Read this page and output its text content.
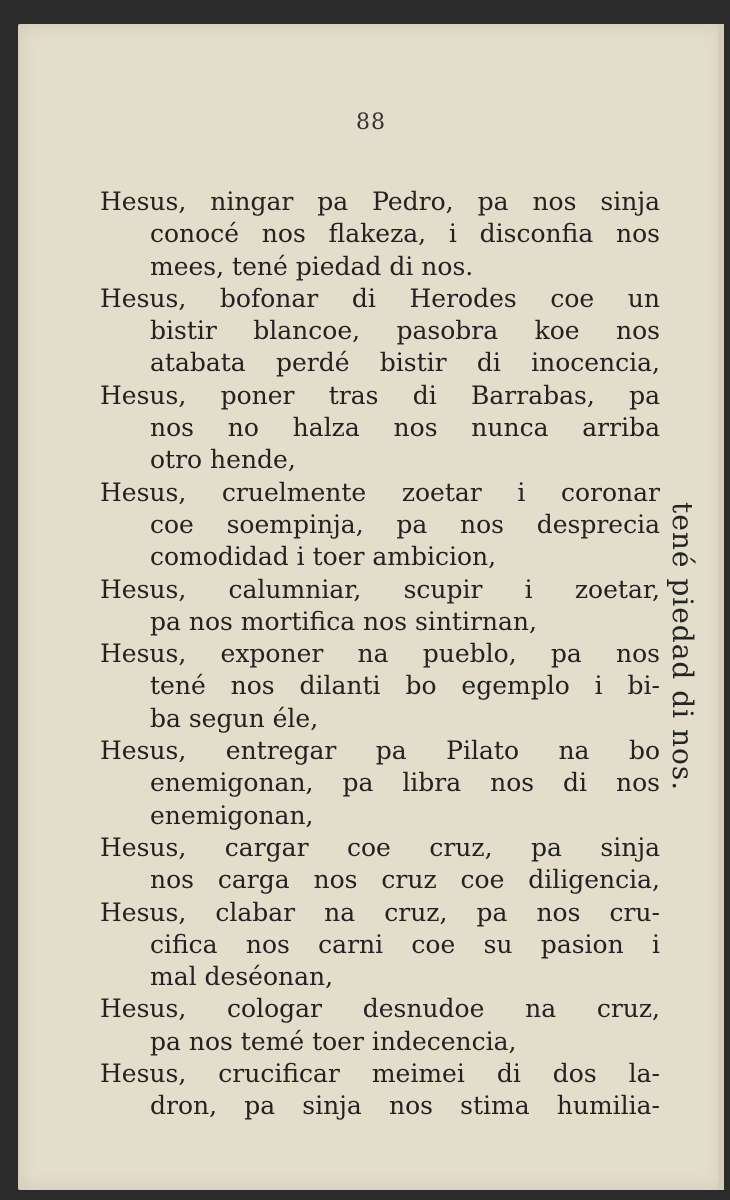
88
Hesus, ningar pa Pedro, pa nos sinja
conocé nos flakeza, i disconfia nos
mees, tené piedad di nos.
Hesus, bofonar di Herodes coe un
bistir blancoe, pasobra koe nos
atabata perdé bistir di inocencia,
Hesus, poner tras di Barrabas, pa
nos no halza nos nunca arriba
otro hende,
Hesus, cruelmente zoetar i coronar
coe soempinja, pa nos desprecia
comodidad i toer ambicion,
Hesus, calumniar, scupir i zoetar,
pa nos mortifica nos sintirnan,
Hesus, exponer na pueblo, pa nos
tené nos dilanti bo egemplo i bi-
ba segun éle,
Hesus, entregar pa Pilato na bo
enemigonan, pa libra nos di nos
enemigonan,
Hesus, cargar coe cruz, pa sinja
nos carga nos cruz coe diligencia,
Hesus, clabar na cruz, pa nos cru-
cifica nos carni coe su pasion i
mal deséonan,
Hesus, cologar desnudoe na cruz,
pa nos temé toer indecencia,
Hesus, crucificar meimei di dos la-
dron, pa sinja nos stima humilia-
tené piedad di nos.
